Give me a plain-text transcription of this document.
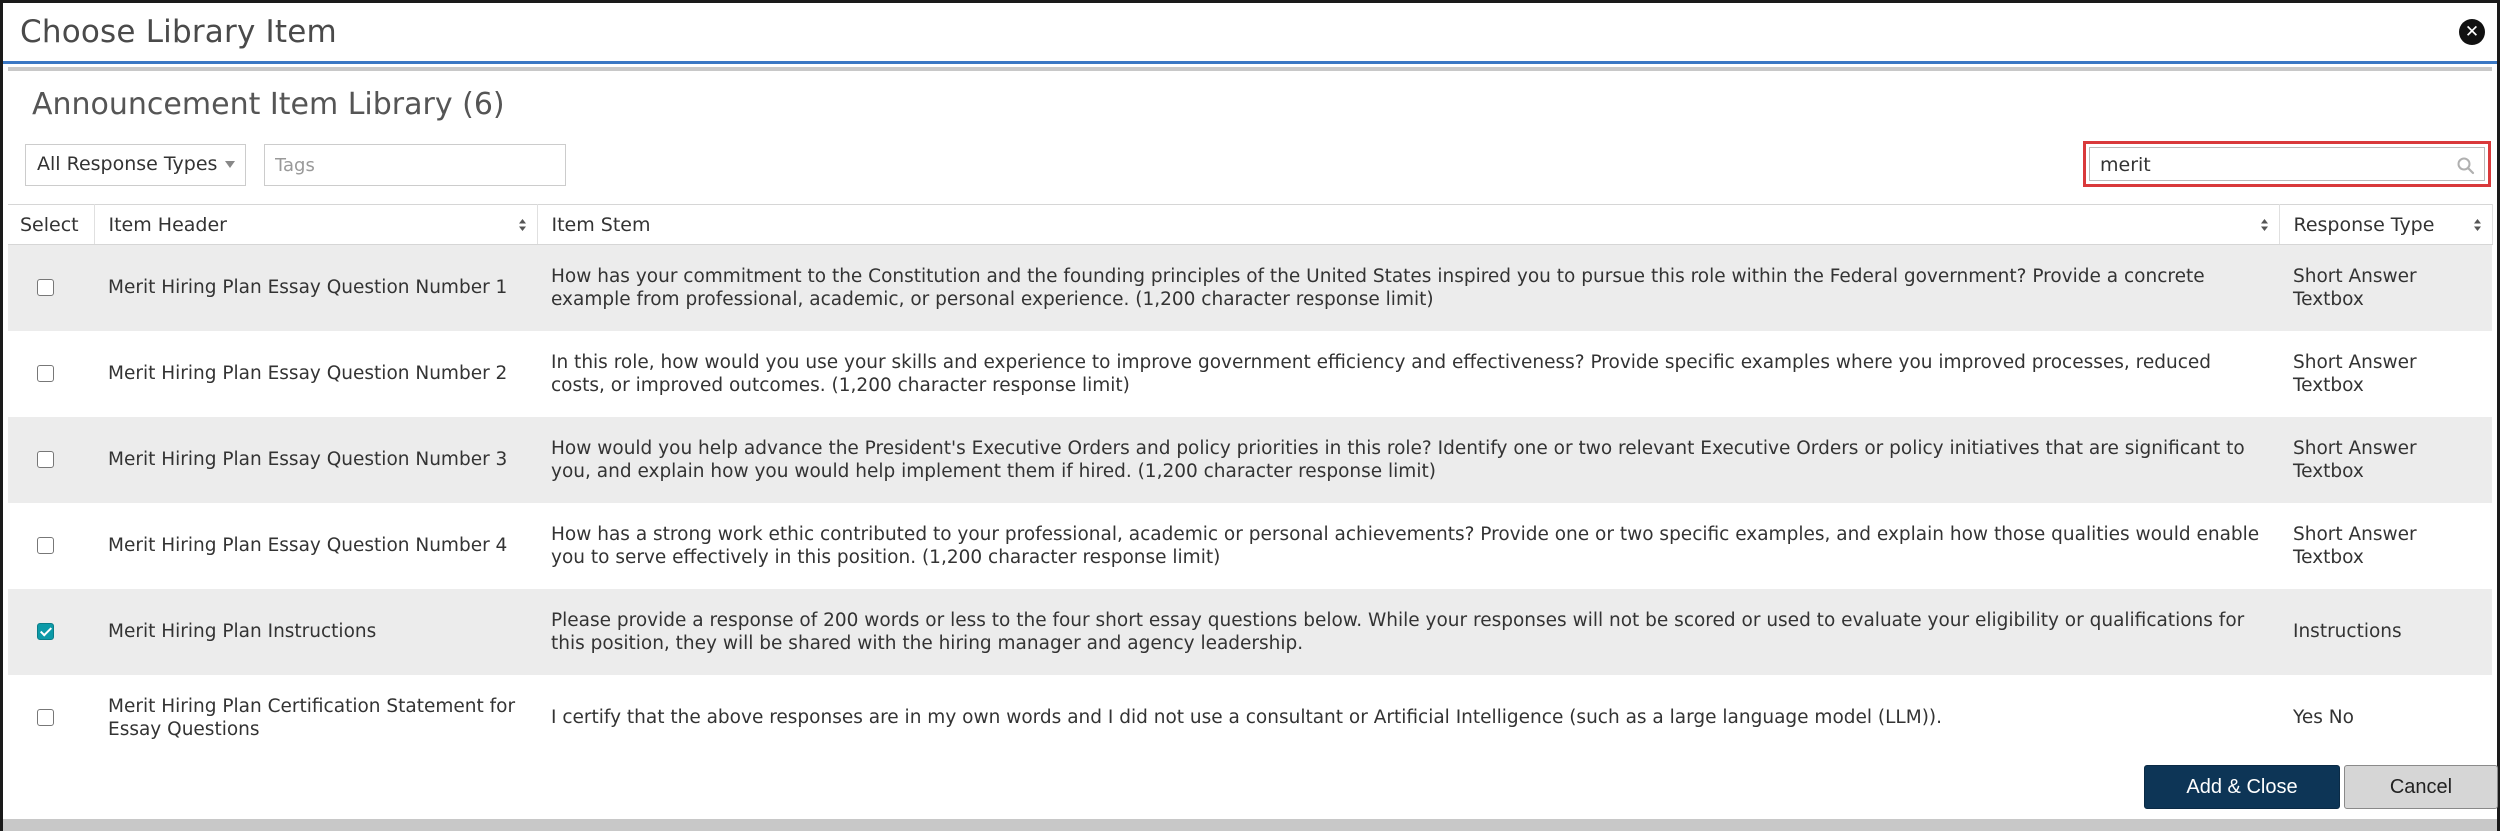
Choose Library Item	✕
Announcement Item Library (6)
All Response Types
Tags
merit
Select	Item Header	Item Stem	Response Type

	Merit Hiring Plan Essay Question Number 1	How has your commitment to the Constitution and the founding principles of the United States inspired you to pursue this role within the Federal government? Provide a concrete example from professional, academic, or personal experience. (1,200 character response limit)	Short Answer Textbox

	Merit Hiring Plan Essay Question Number 2	In this role, how would you use your skills and experience to improve government efficiency and effectiveness? Provide specific examples where you improved processes, reduced costs, or improved outcomes. (1,200 character response limit)	Short Answer Textbox

	Merit Hiring Plan Essay Question Number 3	How would you help advance the President's Executive Orders and policy priorities in this role? Identify one or two relevant Executive Orders or policy initiatives that are significant to you, and explain how you would help implement them if hired. (1,200 character response limit)	Short Answer Textbox

	Merit Hiring Plan Essay Question Number 4	How has a strong work ethic contributed to your professional, academic or personal achievements? Provide one or two specific examples, and explain how those qualities would enable you to serve effectively in this position. (1,200 character response limit)	Short Answer Textbox

	Merit Hiring Plan Instructions	Please provide a response of 200 words or less to the four short essay questions below. While your responses will not be scored or used to evaluate your eligibility or qualifications for this position, they will be shared with the hiring manager and agency leadership.	Instructions

	Merit Hiring Plan Certification Statement for Essay Questions	I certify that the above responses are in my own words and I did not use a consultant or Artificial Intelligence (such as a large language model (LLM)).	Yes No
Add & Close	Cancel
